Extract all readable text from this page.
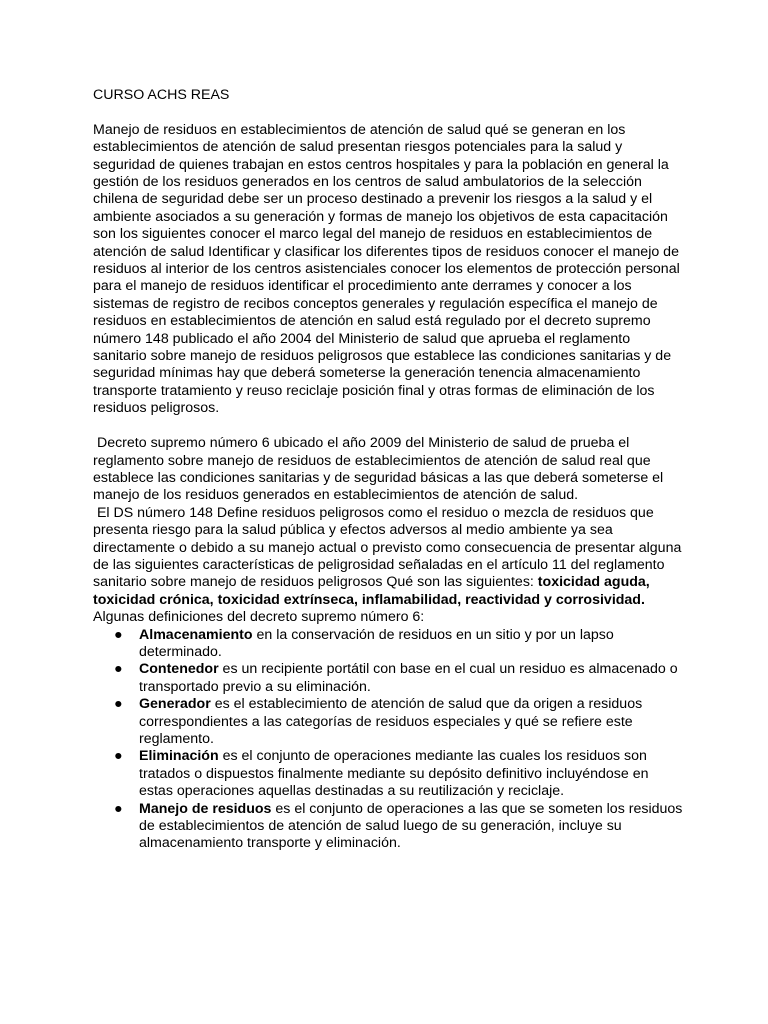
CURSO ACHS REAS

Manejo de residuos en establecimientos de atención de salud qué se generan en los establecimientos de atención de salud presentan riesgos potenciales para la salud y seguridad de quienes trabajan en estos centros hospitales y para la población en general la gestión de los residuos generados en los centros de salud ambulatorios de la selección chilena de seguridad debe ser un proceso destinado a prevenir los riesgos a la salud y el ambiente asociados a su generación y formas de manejo los objetivos de esta capacitación son los siguientes conocer el marco legal del manejo de residuos en establecimientos de atención de salud Identificar y clasificar los diferentes tipos de residuos conocer el manejo de residuos al interior de los centros asistenciales conocer los elementos de protección personal para el manejo de residuos identificar el procedimiento ante derrames y conocer a los sistemas de registro de recibos conceptos generales y regulación específica el manejo de residuos en establecimientos de atención en salud está regulado por el decreto supremo número 148 publicado el año 2004 del Ministerio de salud que aprueba el reglamento sanitario sobre manejo de residuos peligrosos que establece las condiciones sanitarias y de seguridad mínimas hay que deberá someterse la generación tenencia almacenamiento transporte tratamiento y reuso reciclaje posición final y otras formas de eliminación de los residuos peligrosos.

Decreto supremo número 6 ubicado el año 2009 del Ministerio de salud de prueba el reglamento sobre manejo de residuos de establecimientos de atención de salud real que establece las condiciones sanitarias y de seguridad básicas a las que deberá someterse el manejo de los residuos generados en establecimientos de atención de salud.

El DS número 148 Define residuos peligrosos como el residuo o mezcla de residuos que presenta riesgo para la salud pública y efectos adversos al medio ambiente ya sea directamente o debido a su manejo actual o previsto como consecuencia de presentar alguna de las siguientes características de peligrosidad señaladas en el artículo 11 del reglamento sanitario sobre manejo de residuos peligrosos Qué son las siguientes: toxicidad aguda, toxicidad crónica, toxicidad extrínseca, inflamabilidad, reactividad y corrosividad.

Algunas definiciones del decreto supremo número 6:

● Almacenamiento en la conservación de residuos en un sitio y por un lapso determinado.
● Contenedor es un recipiente portátil con base en el cual un residuo es almacenado o transportado previo a su eliminación.
● Generador es el establecimiento de atención de salud que da origen a residuos correspondientes a las categorías de residuos especiales y qué se refiere este reglamento.
● Eliminación es el conjunto de operaciones mediante las cuales los residuos son tratados o dispuestos finalmente mediante su depósito definitivo incluyéndose en estas operaciones aquellas destinadas a su reutilización y reciclaje.
● Manejo de residuos es el conjunto de operaciones a las que se someten los residuos de establecimientos de atención de salud luego de su generación, incluye su almacenamiento transporte y eliminación.
